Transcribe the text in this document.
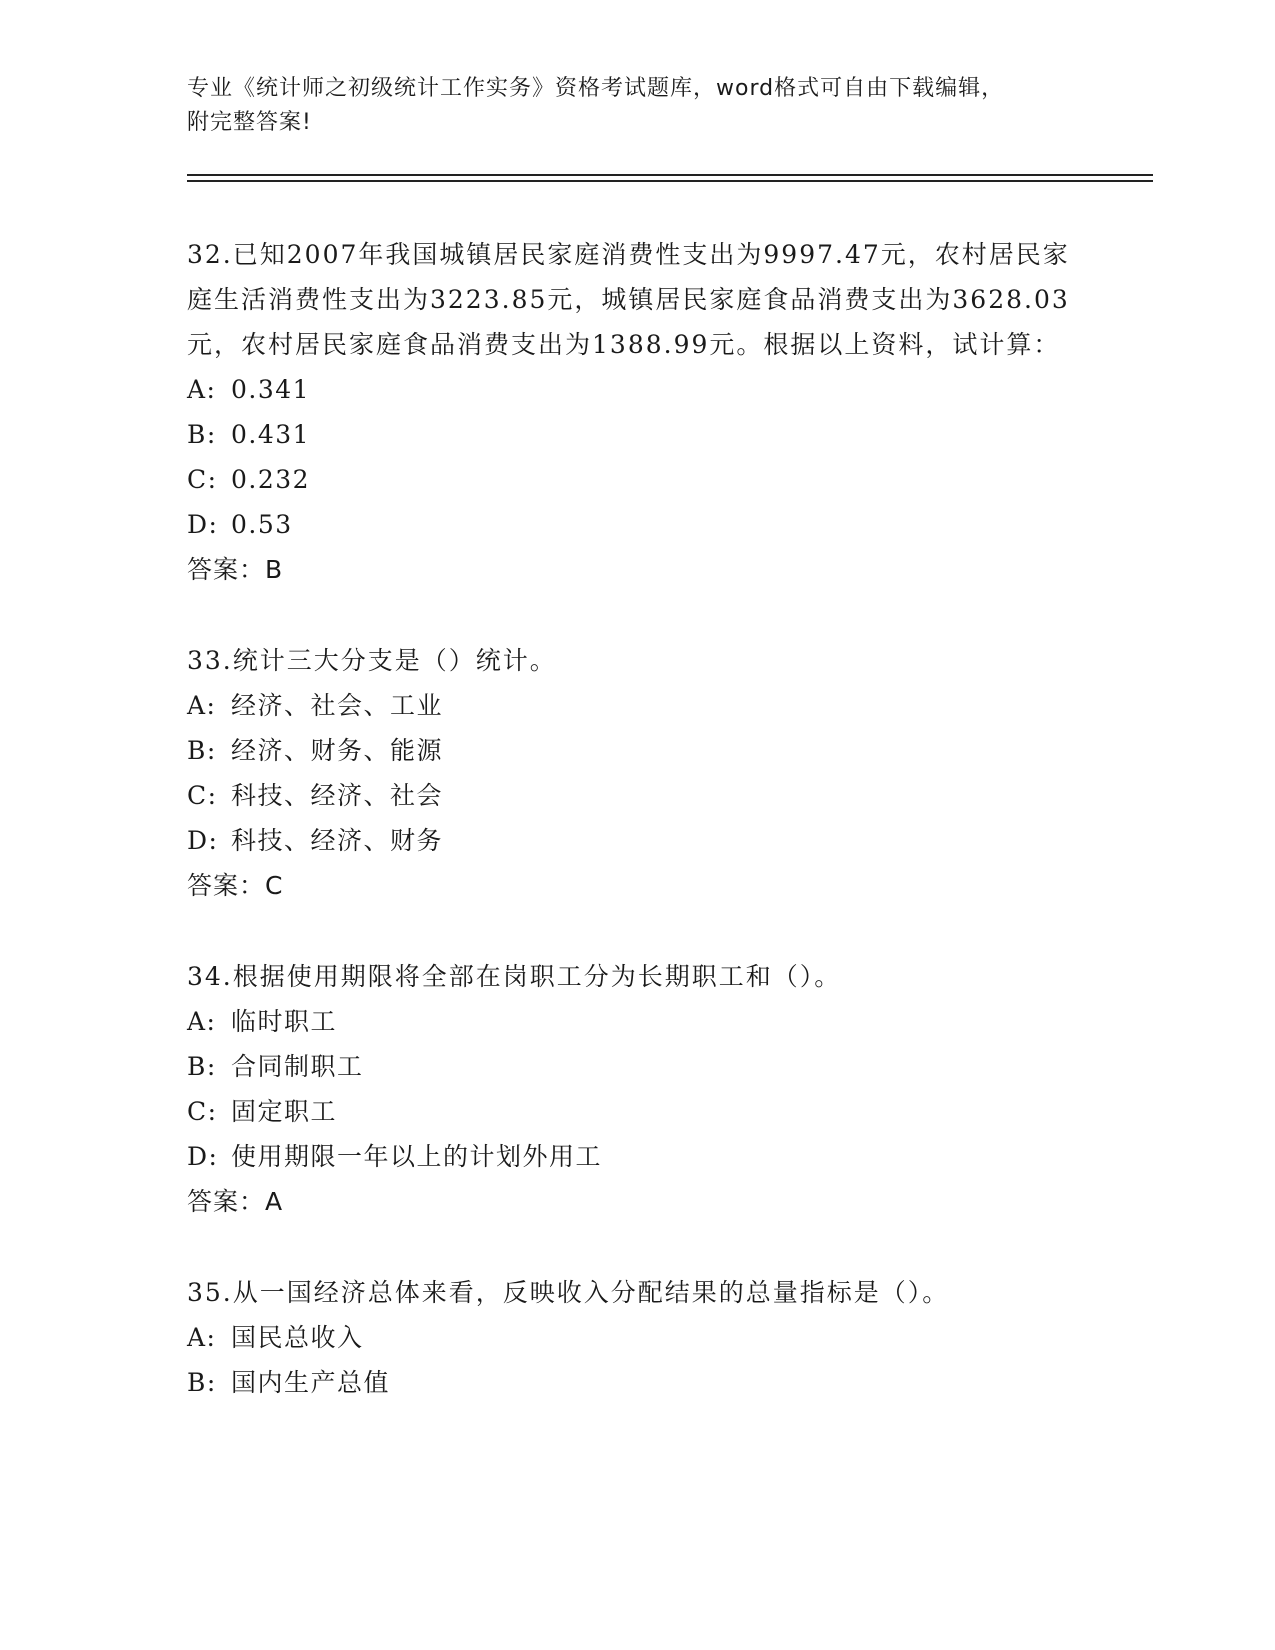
专业《统计师之初级统计工作实务》资格考试题库，word格式可自由下载编辑，
附完整答案!

32.已知2007年我国城镇居民家庭消费性支出为9997.47元，农村居民家庭生活消费性支出为3223.85元，城镇居民家庭食品消费支出为3628.03元，农村居民家庭食品消费支出为1388.99元。根据以上资料，试计算：

A: 0.341

B: 0.431

C: 0.232

D: 0.53

答案：B

33.统计三大分支是（）统计。

A: 经济、社会、工业

B: 经济、财务、能源

C: 科技、经济、社会

D: 科技、经济、财务

答案：C

34.根据使用期限将全部在岗职工分为长期职工和（）。

A: 临时职工

B: 合同制职工

C: 固定职工

D: 使用期限一年以上的计划外用工

答案：A

35.从一国经济总体来看，反映收入分配结果的总量指标是（）。

A: 国民总收入

B: 国内生产总值
